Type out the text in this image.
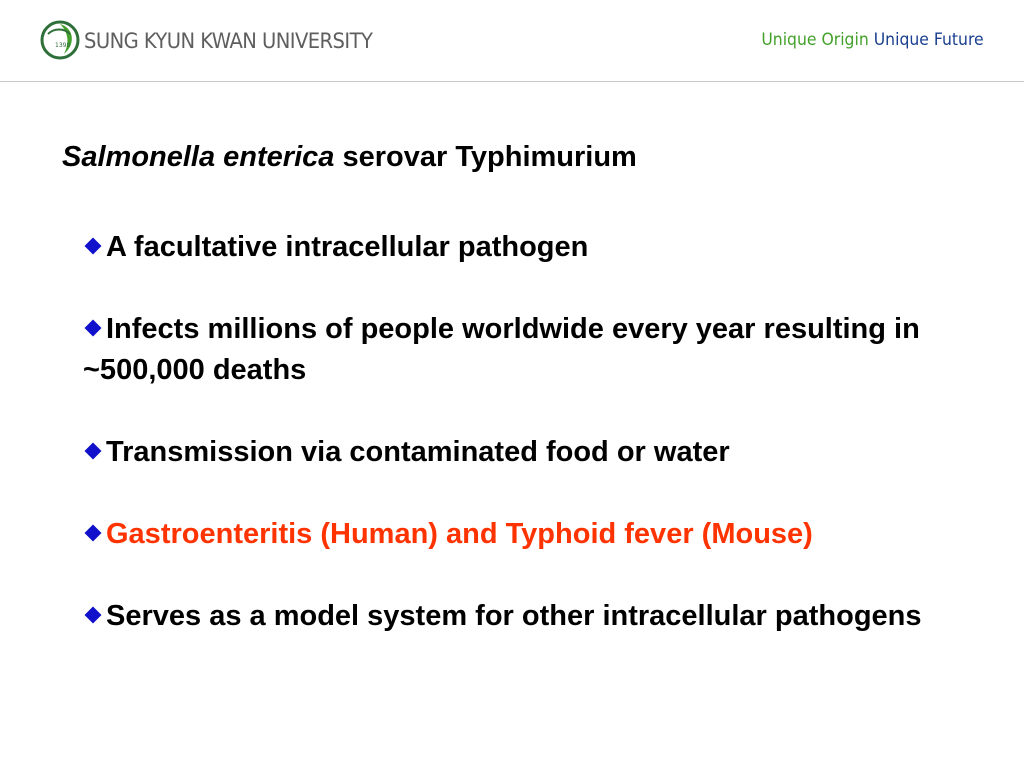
1398 SUNG KYUN KWAN UNIVERSITY	Unique Origin Unique Future
Salmonella enterica serovar Typhimurium
A facultative intracellular pathogen
Infects millions of people worldwide every year resulting in ~500,000 deaths
Transmission via contaminated food or water
Gastroenteritis (Human) and Typhoid fever (Mouse)
Serves as a model system for other intracellular pathogens
